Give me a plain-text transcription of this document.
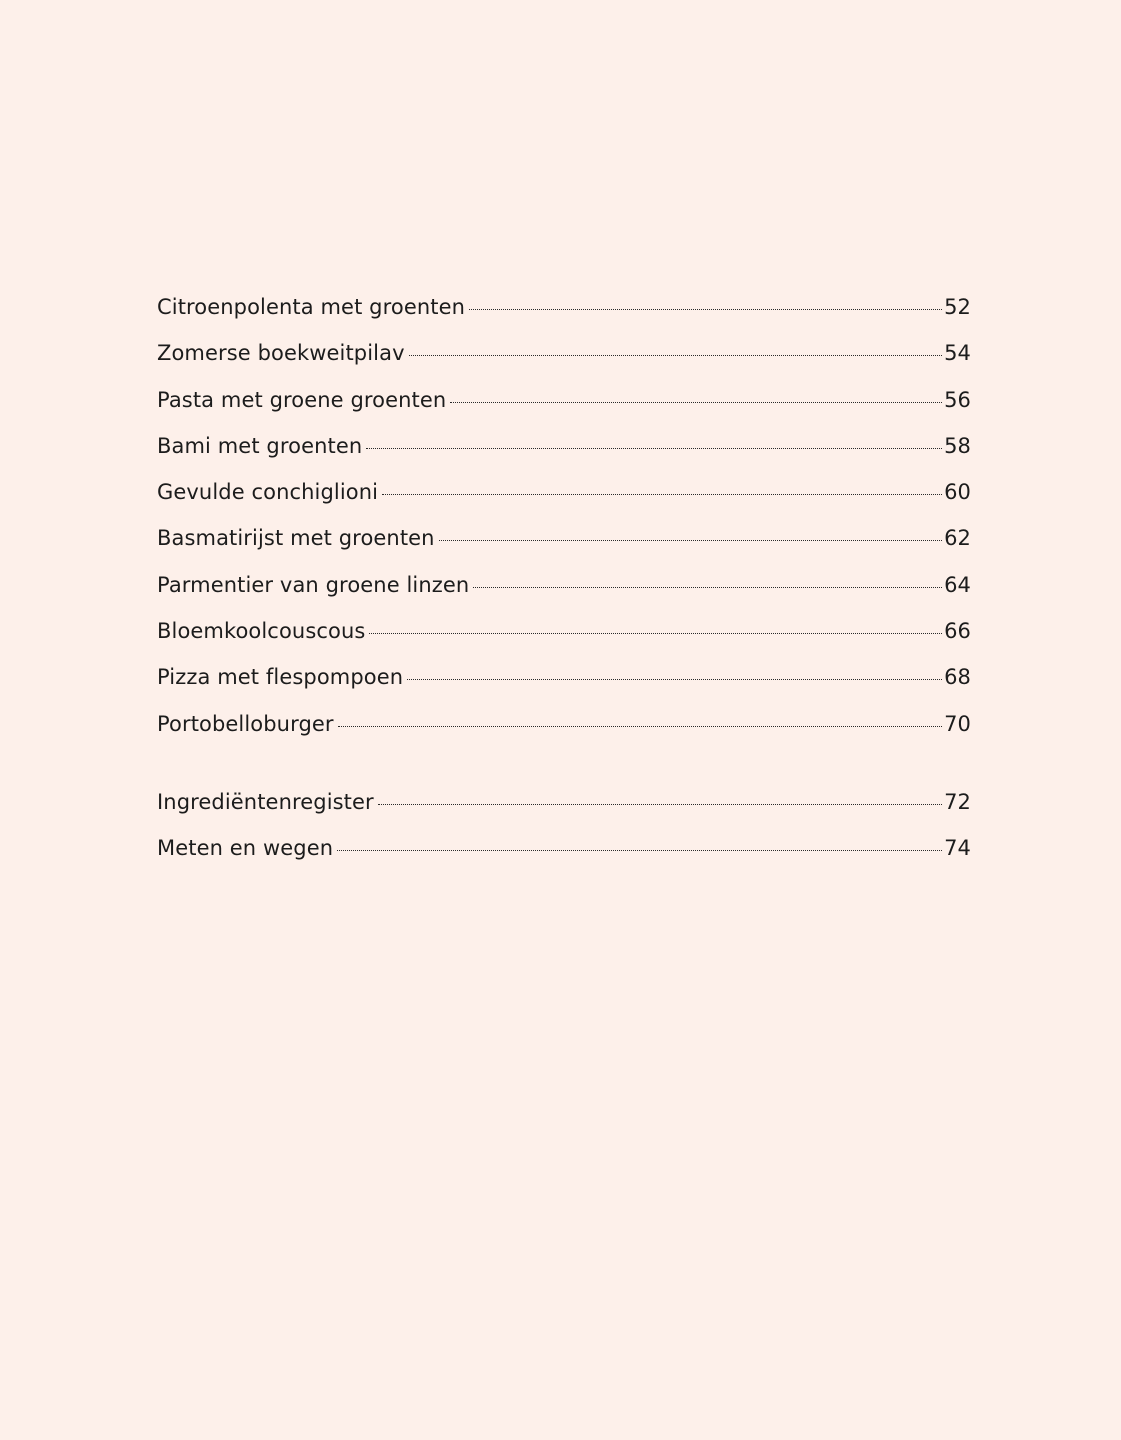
Citroenpolenta met groenten	52
Zomerse boekweitpilav	54
Pasta met groene groenten	56
Bami met groenten	58
Gevulde conchiglioni	60
Basmatirijst met groenten	62
Parmentier van groene linzen	64
Bloemkoolcouscous	66
Pizza met flespompoen	68
Portobelloburger	70
Ingrediëntenregister	72
Meten en wegen	74
